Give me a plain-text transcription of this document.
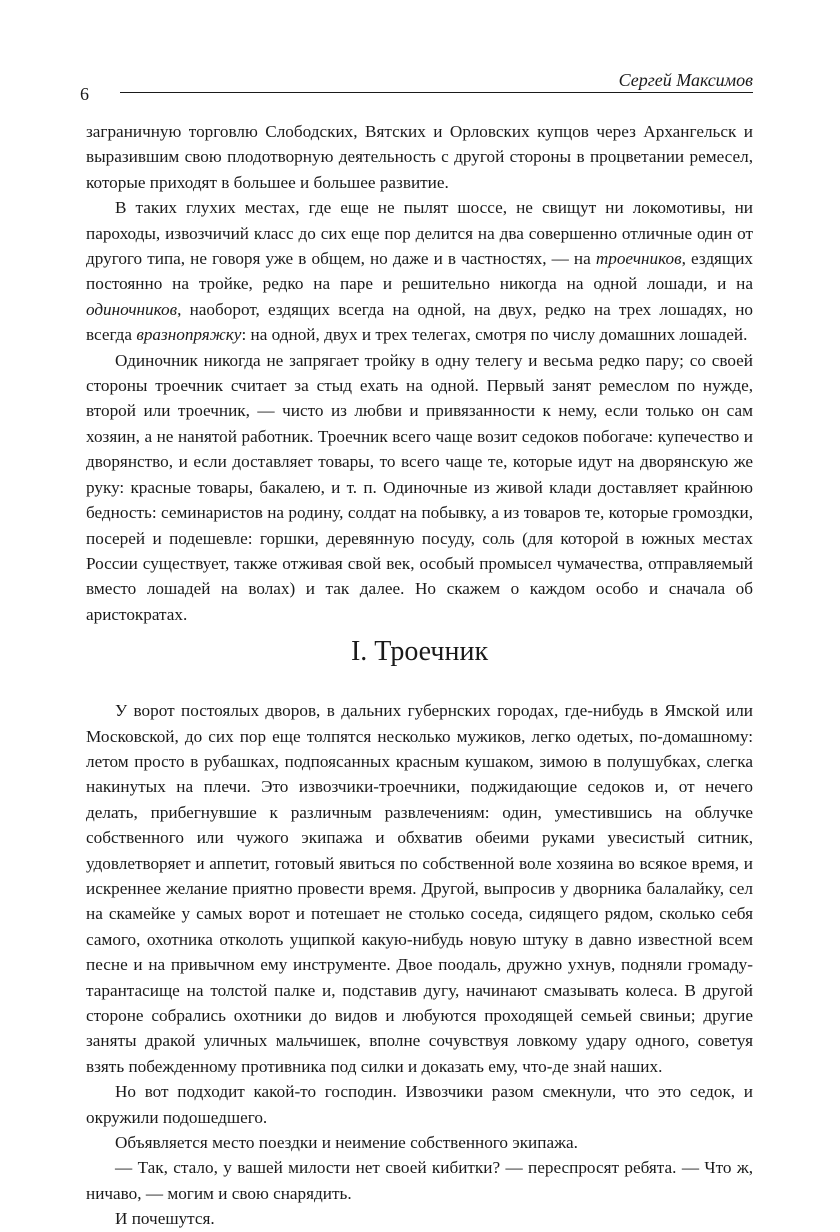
6
Сергей Максимов

заграничную торговлю Слободских, Вятских и Орловских купцов через Архангельск и выразившим свою плодотворную деятельность с другой стороны в процветании ремесел, которые приходят в большее и большее развитие.

В таких глухих местах, где еще не пылят шоссе, не свищут ни локомотивы, ни пароходы, извозчичий класс до сих еще пор делится на два совершенно отличные один от другого типа, не говоря уже в общем, но даже и в частностях, — на троечников, ездящих постоянно на тройке, редко на паре и решительно никогда на одной лошади, и на одиночников, наоборот, ездящих всегда на одной, на двух, редко на трех лошадях, но всегда вразнопряжку: на одной, двух и трех телегах, смотря по числу домашних лошадей.

Одиночник никогда не запрягает тройку в одну телегу и весьма редко пару; со своей стороны троечник считает за стыд ехать на одной. Первый занят ремеслом по нужде, второй или троечник, — чисто из любви и привязанности к нему, если только он сам хозяин, а не нанятой работник. Троечник всего чаще возит седоков побогаче: купечество и дворянство, и если доставляет товары, то всего чаще те, которые идут на дворянскую же руку: красные товары, бакалею, и т. п. Одиночные из живой клади доставляет крайнюю бедность: семинаристов на родину, солдат на побывку, а из товаров те, которые громоздки, посерей и подешевле: горшки, деревянную посуду, соль (для которой в южных местах России существует, также отживая свой век, особый промысел чумачества, отправляемый вместо лошадей на волах) и так далее. Но скажем о каждом особо и сначала об аристократах.

I. Троечник

У ворот постоялых дворов, в дальних губернских городах, где-нибудь в Ямской или Московской, до сих пор еще толпятся несколько мужиков, легко одетых, по-домашному: летом просто в рубашках, подпоясанных красным кушаком, зимою в полушубках, слегка накинутых на плечи. Это извозчики-троечники, поджидающие седоков и, от нечего делать, прибегнувшие к различным развлечениям: один, уместившись на облучке собственного или чужого экипажа и обхватив обеими руками увесистый ситник, удовлетворяет и аппетит, готовый явиться по собственной воле хозяина во всякое время, и искреннее желание приятно провести время. Другой, выпросив у дворника балалайку, сел на скамейке у самых ворот и потешает не столько соседа, сидящего рядом, сколько себя самого, охотника отколоть ущипкой какую-нибудь новую штуку в давно известной всем песне и на привычном ему инструменте. Двое поодаль, дружно ухнув, подняли громаду-тарантасище на толстой палке и, подставив дугу, начинают смазывать колеса. В другой стороне собрались охотники до видов и любуются проходящей семьей свиньи; другие заняты дракой уличных мальчишек, вполне сочувствуя ловкому удару одного, советуя взять побежденному противника под силки и доказать ему, что-де знай наших.

Но вот подходит какой-то господин. Извозчики разом смекнули, что это седок, и окружили подошедшего.

Объявляется место поездки и неимение собственного экипажа.

— Так, стало, у вашей милости нет своей кибитки? — переспросят ребята. — Что ж, ничаво, — могим и свою снарядить.

И почешутся.
